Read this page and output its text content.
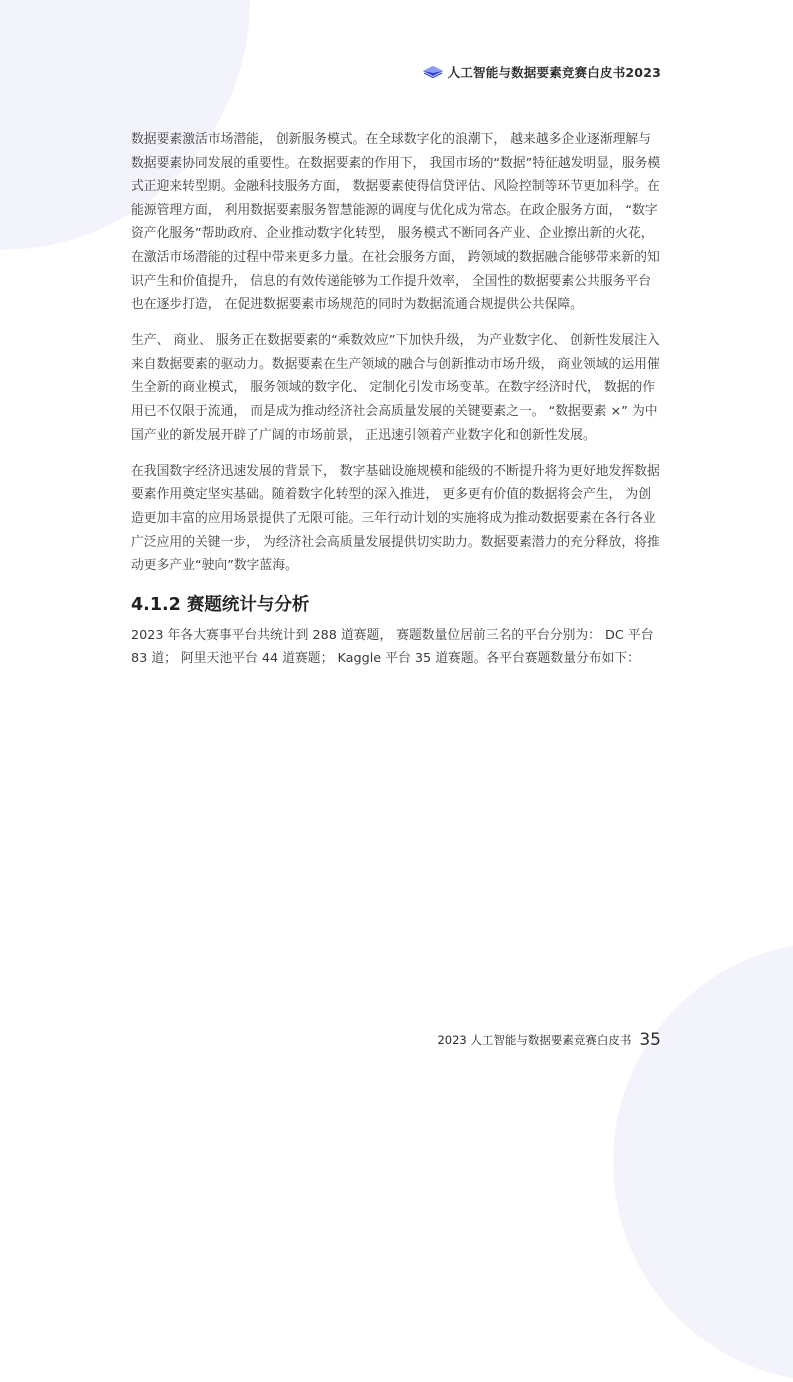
人工智能与数据要素竞赛白皮书2023

数据要素激活市场潜能， 创新服务模式。在全球数字化的浪潮下， 越来越多企业逐渐理解与数据要素协同发展的重要性。在数据要素的作用下， 我国市场的“数据”特征越发明显，服务模式正迎来转型期。金融科技服务方面， 数据要素使得信贷评估、风险控制等环节更加科学。在能源管理方面， 利用数据要素服务智慧能源的调度与优化成为常态。在政企服务方面， “数字资产化服务”帮助政府、企业推动数字化转型， 服务模式不断同各产业、企业擦出新的火花， 在激活市场潜能的过程中带来更多力量。在社会服务方面， 跨领域的数据融合能够带来新的知识产生和价值提升， 信息的有效传递能够为工作提升效率， 全国性的数据要素公共服务平台也在逐步打造， 在促进数据要素市场规范的同时为数据流通合规提供公共保障。

生产、 商业、 服务正在数据要素的“乘数效应”下加快升级， 为产业数字化、 创新性发展注入来自数据要素的驱动力。数据要素在生产领域的融合与创新推动市场升级， 商业领域的运用催生全新的商业模式， 服务领域的数字化、 定制化引发市场变革。在数字经济时代， 数据的作用已不仅限于流通， 而是成为推动经济社会高质量发展的关键要素之一。 “数据要素 ×” 为中国产业的新发展开辟了广阔的市场前景， 正迅速引领着产业数字化和创新性发展。

在我国数字经济迅速发展的背景下， 数字基础设施规模和能级的不断提升将为更好地发挥数据要素作用奠定坚实基础。随着数字化转型的深入推进， 更多更有价值的数据将会产生， 为创造更加丰富的应用场景提供了无限可能。三年行动计划的实施将成为推动数据要素在各行各业广泛应用的关键一步， 为经济社会高质量发展提供切实助力。数据要素潜力的充分释放，将推动更多产业“驶向”数字蓝海。

4.1.2 赛题统计与分析

2023 年各大赛事平台共统计到 288 道赛题， 赛题数量位居前三名的平台分别为： DC 平台 83 道； 阿里天池平台 44 道赛题； Kaggle 平台 35 道赛题。各平台赛题数量分布如下：

2023 人工智能与数据要素竞赛白皮书 35
